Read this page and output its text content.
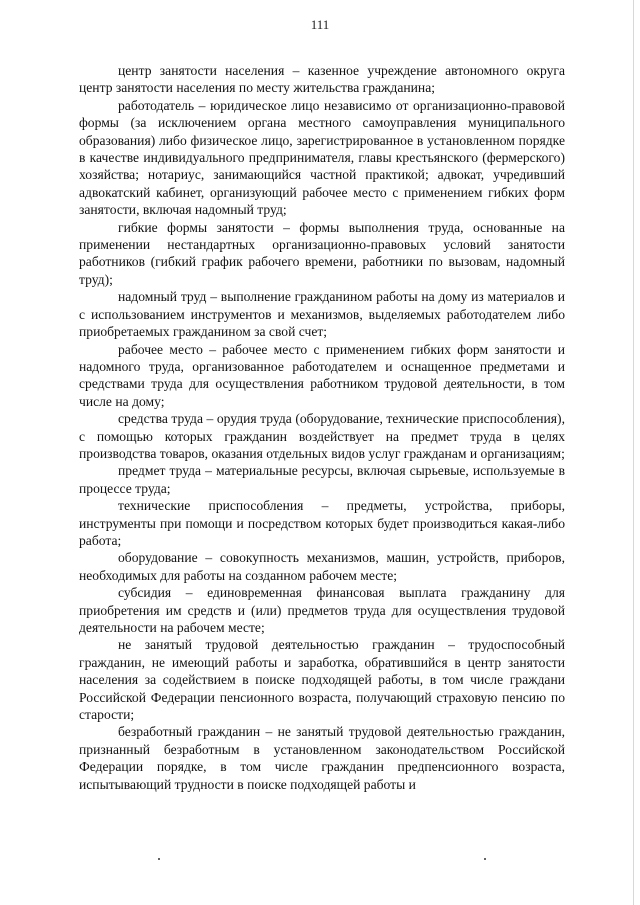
111

центр занятости населения – казенное учреждение автономного округа центр занятости населения по месту жительства гражданина;

работодатель – юридическое лицо независимо от организационно-правовой формы (за исключением органа местного самоуправления муниципального образования) либо физическое лицо, зарегистрированное в установленном порядке в качестве индивидуального предпринимателя, главы крестьянского (фермерского) хозяйства; нотариус, занимающийся частной практикой; адвокат, учредивший адвокатский кабинет, организующий рабочее место с применением гибких форм занятости, включая надомный труд;

гибкие формы занятости – формы выполнения труда, основанные на применении нестандартных организационно-правовых условий занятости работников (гибкий график рабочего времени, работники по вызовам, надомный труд);

надомный труд – выполнение гражданином работы на дому из материалов и с использованием инструментов и механизмов, выделяемых работодателем либо приобретаемых гражданином за свой счет;

рабочее место – рабочее место с применением гибких форм занятости и надомного труда, организованное работодателем и оснащенное предметами и средствами труда для осуществления работником трудовой деятельности, в том числе на дому;

средства труда – орудия труда (оборудование, технические приспособления), с помощью которых гражданин воздействует на предмет труда в целях производства товаров, оказания отдельных видов услуг гражданам и организациям;

предмет труда – материальные ресурсы, включая сырьевые, используемые в процессе труда;

технические приспособления – предметы, устройства, приборы, инструменты при помощи и посредством которых будет производиться какая-либо работа;

оборудование – совокупность механизмов, машин, устройств, приборов, необходимых для работы на созданном рабочем месте;

субсидия – единовременная финансовая выплата гражданину для приобретения им средств и (или) предметов труда для осуществления трудовой деятельности на рабочем месте;

не занятый трудовой деятельностью гражданин – трудоспособный гражданин, не имеющий работы и заработка, обратившийся в центр занятости населения за содействием в поиске подходящей работы, в том числе граждани Российской Федерации пенсионного возраста, получающий страховую пенсию по старости;

безработный гражданин – не занятый трудовой деятельностью гражданин, признанный безработным в установленном законодательством Российской Федерации порядке, в том числе гражданин предпенсионного возраста, испытывающий трудности в поиске подходящей работы и
